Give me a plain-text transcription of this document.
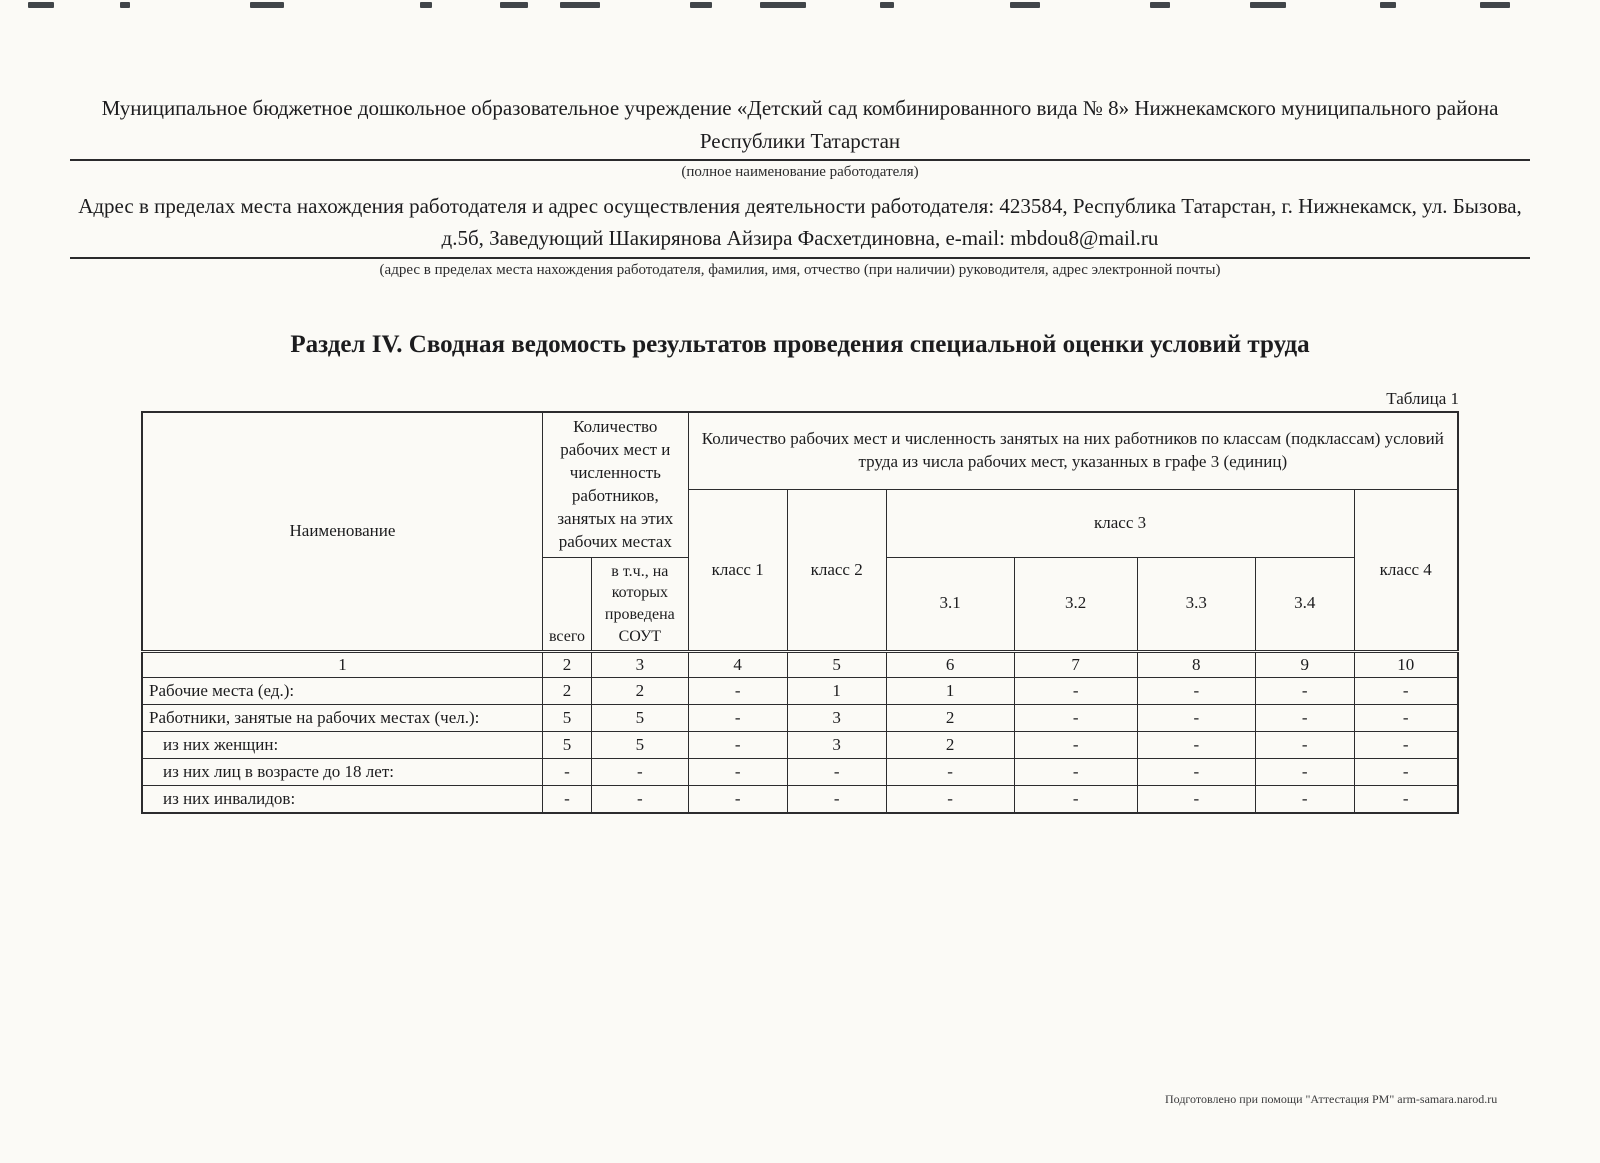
Муниципальное бюджетное дошкольное образовательное учреждение «Детский сад комбинированного вида № 8» Нижнекамского муниципального района Республики Татарстан
(полное наименование работодателя)
Адрес в пределах места нахождения работодателя и адрес осуществления деятельности работодателя: 423584, Республика Татарстан, г. Нижнекамск, ул. Бызова, д.5б, Заведующий Шакирянова Айзира Фасхетдиновна, e-mail: mbdou8@mail.ru
(адрес в пределах места нахождения работодателя, фамилия, имя, отчество (при наличии) руководителя, адрес электронной почты)
Раздел IV. Сводная ведомость результатов проведения специальной оценки условий труда
Таблица 1
Наименование	Количество рабочих мест и численность работников, занятых на этих рабочих местах		Количество рабочих мест и численность занятых на них работников по классам (подклассам) условий труда из числа рабочих мест, указанных в графе 3 (единиц)						
			класс 1	класс 2	класс 3				класс 4
	всего	в т.ч., на которых проведена СОУТ			3.1	3.2	3.3	3.4	
1	2	3	4	5	6	7	8	9	10
Рабочие места (ед.):	2	2	-	1	1	-	-	-	-
Работники, занятые на рабочих местах (чел.):	5	5	-	3	2	-	-	-	-
из них женщин:	5	5	-	3	2	-	-	-	-
из них лиц в возрасте до 18 лет:	-	-	-	-	-	-	-	-	-
из них инвалидов:	-	-	-	-	-	-	-	-	-
Подготовлено при помощи "Аттестация РМ" arm-samara.narod.ru
